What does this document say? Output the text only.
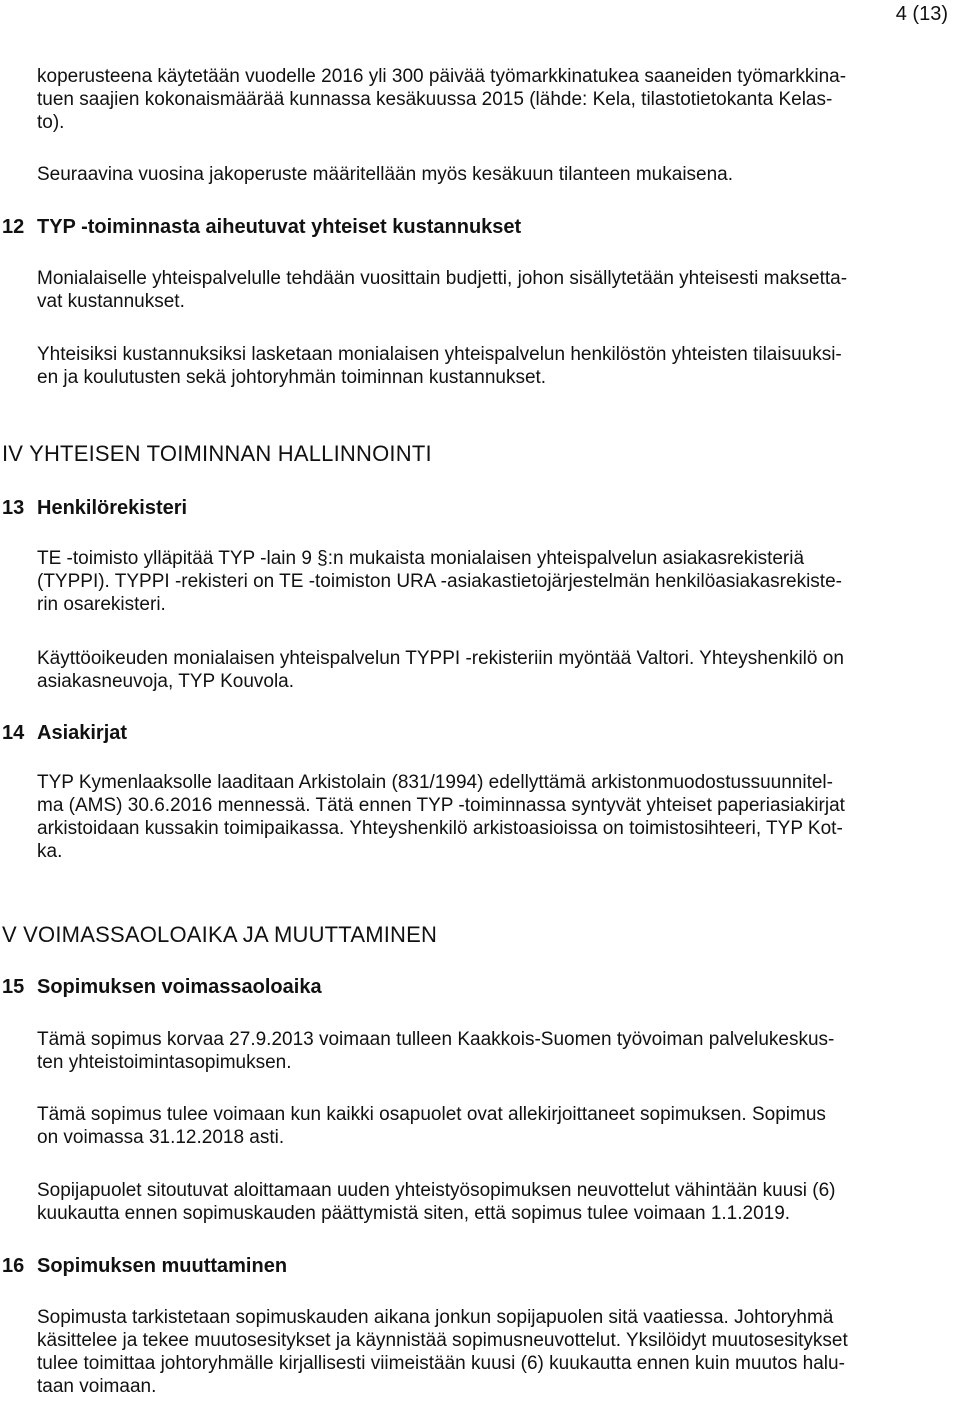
4 (13)

koperusteena käytetään vuodelle 2016 yli 300 päivää työmarkkinatukea saaneiden työmarkkina-
tuen saajien kokonaismäärää kunnassa kesäkuussa 2015 (lähde: Kela, tilastotietokanta Kelas-
to).

Seuraavina vuosina jakoperuste määritellään myös kesäkuun tilanteen mukaisena.

12 TYP -toiminnasta aiheutuvat yhteiset kustannukset

Monialaiselle yhteispalvelulle tehdään vuosittain budjetti, johon sisällytetään yhteisesti maksetta-
vat kustannukset.

Yhteisiksi kustannuksiksi lasketaan monialaisen yhteispalvelun henkilöstön yhteisten tilaisuuksi-
en ja koulutusten sekä johtoryhmän toiminnan kustannukset.

IV YHTEISEN TOIMINNAN HALLINNOINTI
13 Henkilörekisteri

TE -toimisto ylläpitää TYP -lain 9 §:n mukaista monialaisen yhteispalvelun asiakasrekisteriä
(TYPPI). TYPPI -rekisteri on TE -toimiston URA -asiakastietojärjestelmän henkilöasiakasrekiste-
rin osarekisteri.

Käyttöoikeuden monialaisen yhteispalvelun TYPPI -rekisteriin myöntää Valtori. Yhteyshenkilö on
asiakasneuvoja, TYP Kouvola.

14 Asiakirjat

TYP Kymenlaaksolle laaditaan Arkistolain (831/1994) edellyttämä arkistonmuodostussuunnitel-
ma (AMS) 30.6.2016 mennessä. Tätä ennen TYP -toiminnassa syntyvät yhteiset paperiasiakirjat
arkistoidaan kussakin toimipaikassa. Yhteyshenkilö arkistoasioissa on toimistosihteeri, TYP Kot-
ka.

V VOIMASSAOLOAIKA JA MUUTTAMINEN
15 Sopimuksen voimassaoloaika

Tämä sopimus korvaa 27.9.2013 voimaan tulleen Kaakkois-Suomen työvoiman palvelukeskus-
ten yhteistoimintasopimuksen.

Tämä sopimus tulee voimaan kun kaikki osapuolet ovat allekirjoittaneet sopimuksen. Sopimus
on voimassa 31.12.2018 asti.

Sopijapuolet sitoutuvat aloittamaan uuden yhteistyösopimuksen neuvottelut vähintään kuusi (6)
kuukautta ennen sopimuskauden päättymistä siten, että sopimus tulee voimaan 1.1.2019.

16 Sopimuksen muuttaminen

Sopimusta tarkistetaan sopimuskauden aikana jonkun sopijapuolen sitä vaatiessa. Johtoryhmä
käsittelee ja tekee muutosesitykset ja käynnistää sopimusneuvottelut. Yksilöidyt muutosesitykset
tulee toimittaa johtoryhmälle kirjallisesti viimeistään kuusi (6) kuukautta ennen kuin muutos halu-
taan voimaan.
